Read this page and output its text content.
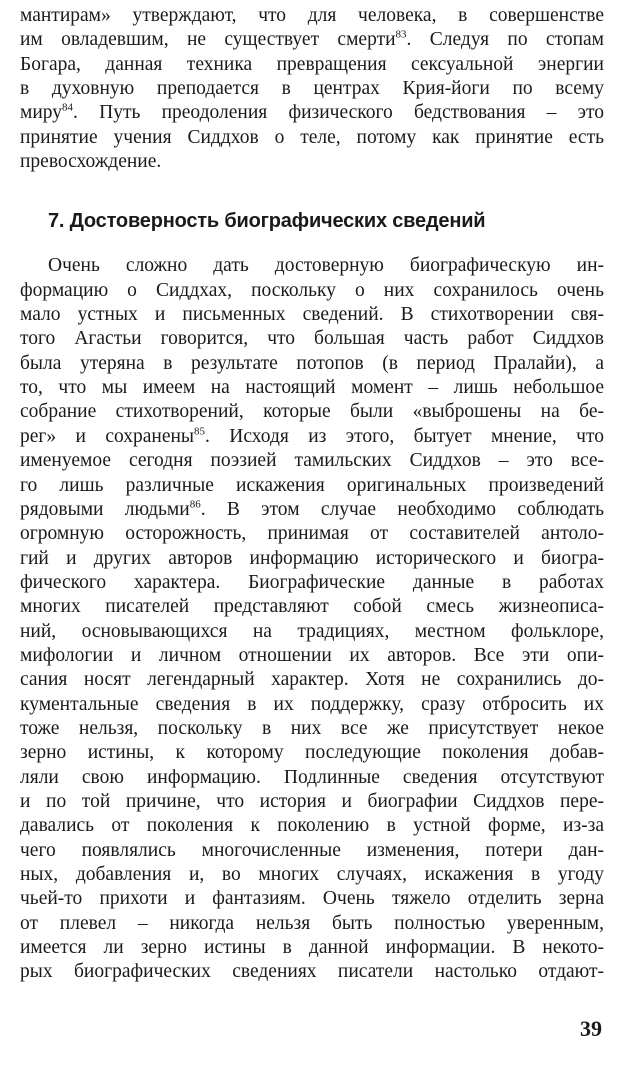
мантирам» утверждают, что для человека, в совершенстве
им овладевшим, не существует смерти$^{83}$. Следуя по стопам
Богара, данная техника превращения сексуальной энергии
в духовную преподается в центрах Крия-йоги по всему
миру$^{84}$. Путь преодоления физического бедствования – это
принятие учения Сиддхов о теле, потому как принятие есть
превосхождение.
7. Достоверность биографических сведений
Очень сложно дать достоверную биографическую ин-
формацию о Сиддхах, поскольку о них сохранилось очень
мало устных и письменных сведений. В стихотворении свя-
того Агастьи говорится, что большая часть работ Сиддхов
была утеряна в результате потопов (в период Пралайи), а
то, что мы имеем на настоящий момент – лишь небольшое
собрание стихотворений, которые были «выброшены на бе-
рег» и сохранены$^{85}$. Исходя из этого, бытует мнение, что
именуемое сегодня поэзией тамильских Сиддхов – это все-
го лишь различные искажения оригинальных произведений
рядовыми людьми$^{86}$. В этом случае необходимо соблюдать
огромную осторожность, принимая от составителей антоло-
гий и других авторов информацию исторического и биогра-
фического характера. Биографические данные в работах
многих писателей представляют собой смесь жизнеописа-
ний, основывающихся на традициях, местном фольклоре,
мифологии и личном отношении их авторов. Все эти опи-
сания носят легендарный характер. Хотя не сохранились до-
кументальные сведения в их поддержку, сразу отбросить их
тоже нельзя, поскольку в них все же присутствует некое
зерно истины, к которому последующие поколения добав-
ляли свою информацию. Подлинные сведения отсутствуют
и по той причине, что история и биографии Сиддхов пере-
давались от поколения к поколению в устной форме, из-за
чего появлялись многочисленные изменения, потери дан-
ных, добавления и, во многих случаях, искажения в угоду
чьей-то прихоти и фантазиям. Очень тяжело отделить зерна
от плевел – никогда нельзя быть полностью уверенным,
имеется ли зерно истины в данной информации. В некото-
рых биографических сведениях писатели настолько отдают-
39
